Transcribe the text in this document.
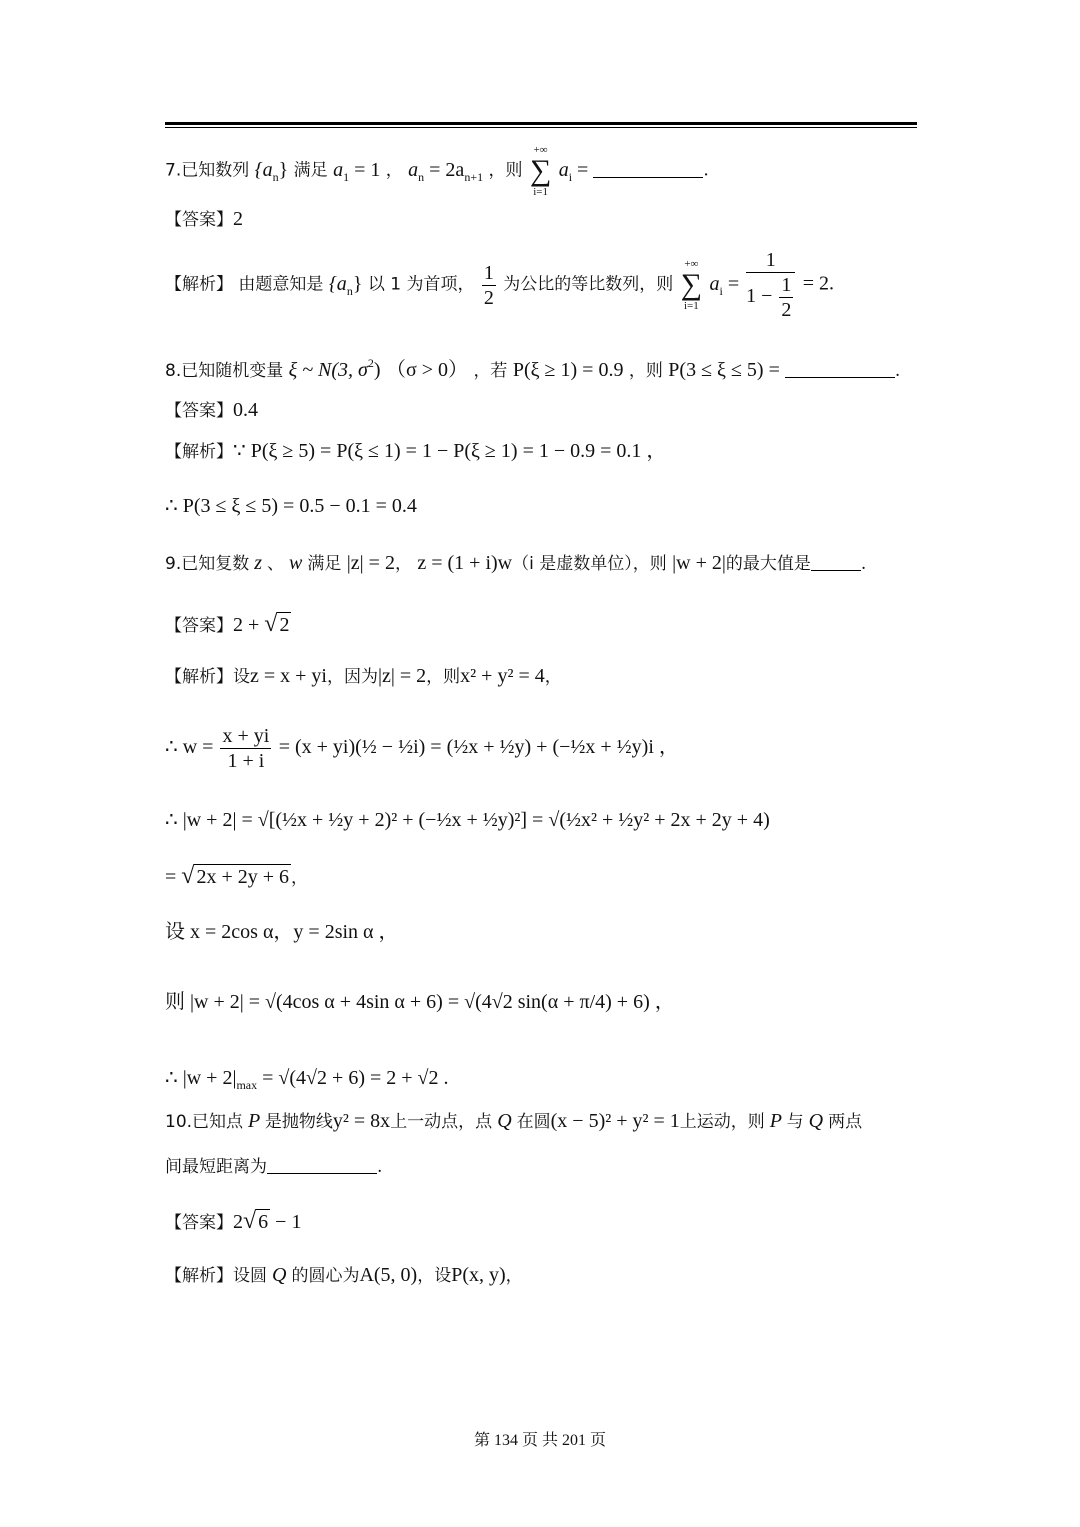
7.已知数列 $\{a_n\}$ 满足 $a_1 = 1$ ， $a_n = 2a_{n+1}$ ，则
+∞
∑
i=1
$a_i$ =	.
【答案】2
【解析】 由题意知是 $\{a_n\}$ 以 1 为首项， $\frac{1}{2}$ 为公比的等比数列，则
+∞
∑
i=1
$a_i = \frac{1}{1 - \frac{1}{2}} = 2$.
8.已知随机变量 ξ ~ N(3, $\sigma^2$) （σ > 0） ，若 P(ξ ≥ 1) = 0.9 ，则 P(3 ≤ ξ ≤ 5) =	.
【答案】0.4
【解析】∵ P(ξ ≥ 5) = P(ξ ≤ 1) = 1 − P(ξ ≥ 1) = 1 − 0.9 = 0.1 ，
∴ P(3 ≤ ξ ≤ 5) = 0.5 − 0.1 = 0.4
9.已知复数 z 、 w 满足 |z| = 2， z = (1 + i)w（i 是虚数单位），则 |w + 2|的最大值是	.
【答案】2 + √ 2
【解析】设z = x + yi，因为|z| = 2，则x² + y² = 4，
∴ $w = \frac{x + yi}{1 + i} = (x$ + yi)(½ − ½i) = (½x + ½y) + (−½x + ½y)i ，
∴ |w + 2| = √[(½x + ½y + 2)² + (−½x + ½y)²] = √(½x² + ½y² + 2x + 2y + 4)
= √ 2x + 2y + 6 ，
设 x = 2cos α，y = 2sin α ，
则 |w + 2| = √(4cos α + 4sin α + 6) = √(4√2 sin(α + π/4) + 6) ，
∴ $|w + 2|_{max} = √(4√2 + 6) = 2 + √2$ .
10.已知点 P 是抛物线y² = 8x上一动点，点 Q 在圆(x − 5)² + y² = 1上运动，则 P 与 Q 两点
间最短距离为	.
【答案】2√ 6 − 1
【解析】设圆 Q 的圆心为A(5, 0)，设P(x, y)，
第 134 页 共 201 页
